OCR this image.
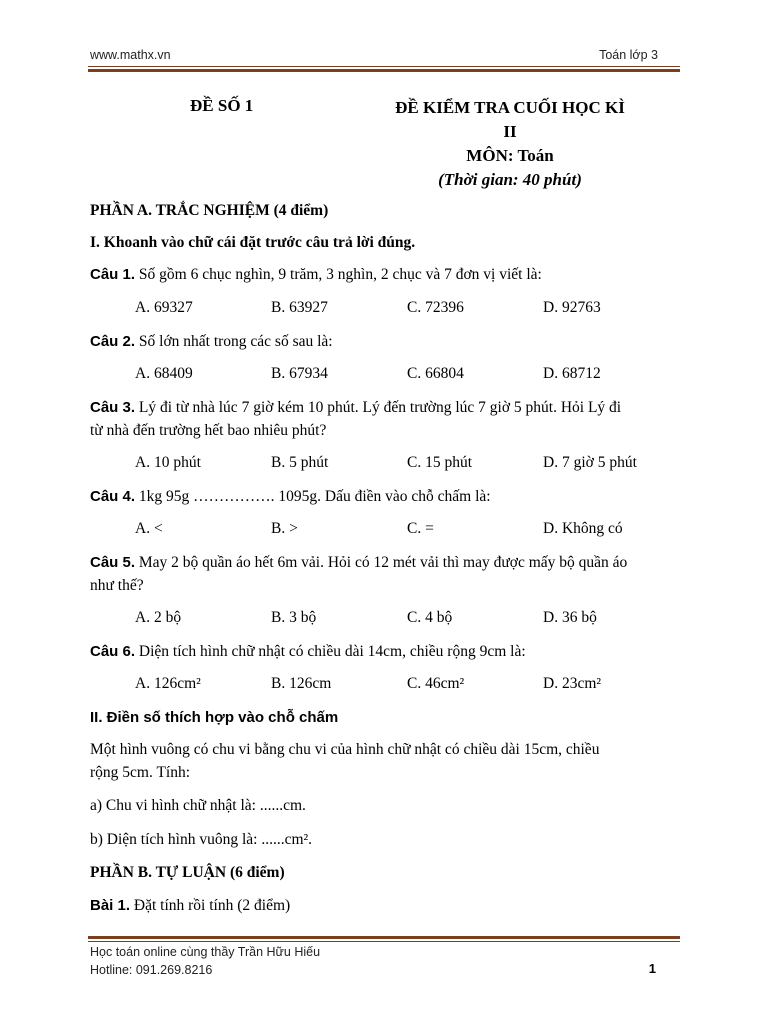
www.mathx.vn	Toán lớp 3
ĐỀ SỐ 1	ĐỀ KIỂM TRA CUỐI HỌC KÌ II
MÔN: Toán
(Thời gian: 40 phút)
PHẦN A. TRẮC NGHIỆM (4 điểm)
I. Khoanh vào chữ cái đặt trước câu trả lời đúng.
Câu 1. Số gồm 6 chục nghìn, 9 trăm, 3 nghìn, 2 chục và 7 đơn vị viết là:
A. 69327	B. 63927	C. 72396	D. 92763
Câu 2. Số lớn nhất trong các số sau là:
A. 68409	B. 67934	C. 66804	D. 68712
Câu 3. Lý đi từ nhà lúc 7 giờ kém 10 phút. Lý đến trường lúc 7 giờ 5 phút. Hỏi Lý đi
từ nhà đến trường hết bao nhiêu phút?
A. 10 phút	B. 5 phút	C. 15 phút	D. 7 giờ 5 phút
Câu 4. 1kg 95g ……………. 1095g. Dấu điền vào chỗ chấm là:
A. <	B. >	C. =	D. Không có
Câu 5. May 2 bộ quần áo hết 6m vải. Hỏi có 12 mét vải thì may được mấy bộ quần áo
như thế?
A. 2 bộ	B. 3 bộ	C. 4 bộ	D. 36 bộ
Câu 6. Diện tích hình chữ nhật có chiều dài 14cm, chiều rộng 9cm là:
A. 126cm²	B. 126cm	C. 46cm²	D. 23cm²
II. Điền số thích hợp vào chỗ chấm
Một hình vuông có chu vi bằng chu vi của hình chữ nhật có chiều dài 15cm, chiều
rộng 5cm. Tính:
a) Chu vi hình chữ nhật là: ......cm.
b) Diện tích hình vuông là: ......cm².
PHẦN B. TỰ LUẬN (6 điểm)
Bài 1. Đặt tính rồi tính (2 điểm)
Học toán online cùng thầy Trần Hữu Hiếu
Hotline: 091.269.8216	1
